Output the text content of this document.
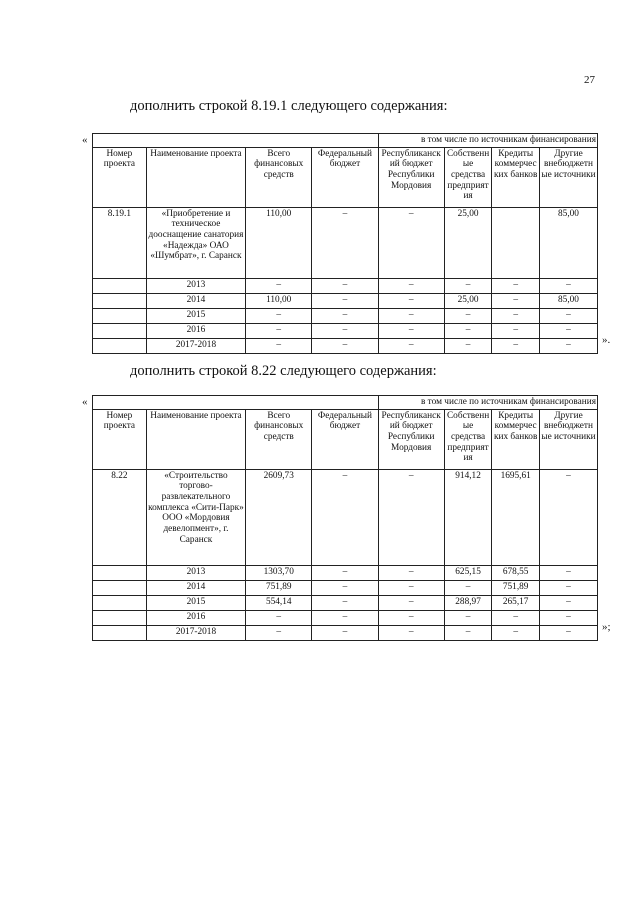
27
дополнить строкой 8.19.1 следующего содержания:
«
				в том числе по источникам финансирования			
Номер проекта	Наименование проекта	Всего финансовых средств	Федеральный бюджет	Республиканский бюджет Республики Мордовия	Собственные средства предприятия	Кредиты коммерческих банков	Другие внебюджетные источники
8.19.1	«Приобретение и техническое дооснащение санатория «Надежда» ОАО «Шумбрат», г. Саранск	110,00	–	–	25,00		85,00
	2013	–	–	–	–	–	–
	2014	110,00	–	–	25,00	–	85,00
	2015	–	–	–	–	–	–
	2016	–	–	–	–	–	–
	2017-2018	–	–	–	–	–	–	».
дополнить строкой 8.22 следующего содержания:
«
				в том числе по источникам финансирования			
Номер проекта	Наименование проекта	Всего финансовых средств	Федеральный бюджет	Республиканский бюджет Республики Мордовия	Собственные средства предприятия	Кредиты коммерческих банков	Другие внебюджетные источники
8.22	«Строительство торгово-развлекательного комплекса «Сити-Парк» ООО «Мордовия девелопмент», г. Саранск	2609,73	–	–	914,12	1695,61	–
	2013	1303,70	–	–	625,15	678,55	–
	2014	751,89	–	–	–	751,89	–
	2015	554,14	–	–	288,97	265,17	–
	2016	–	–	–	–	–	–
	2017-2018	–	–	–	–	–	–	»;
